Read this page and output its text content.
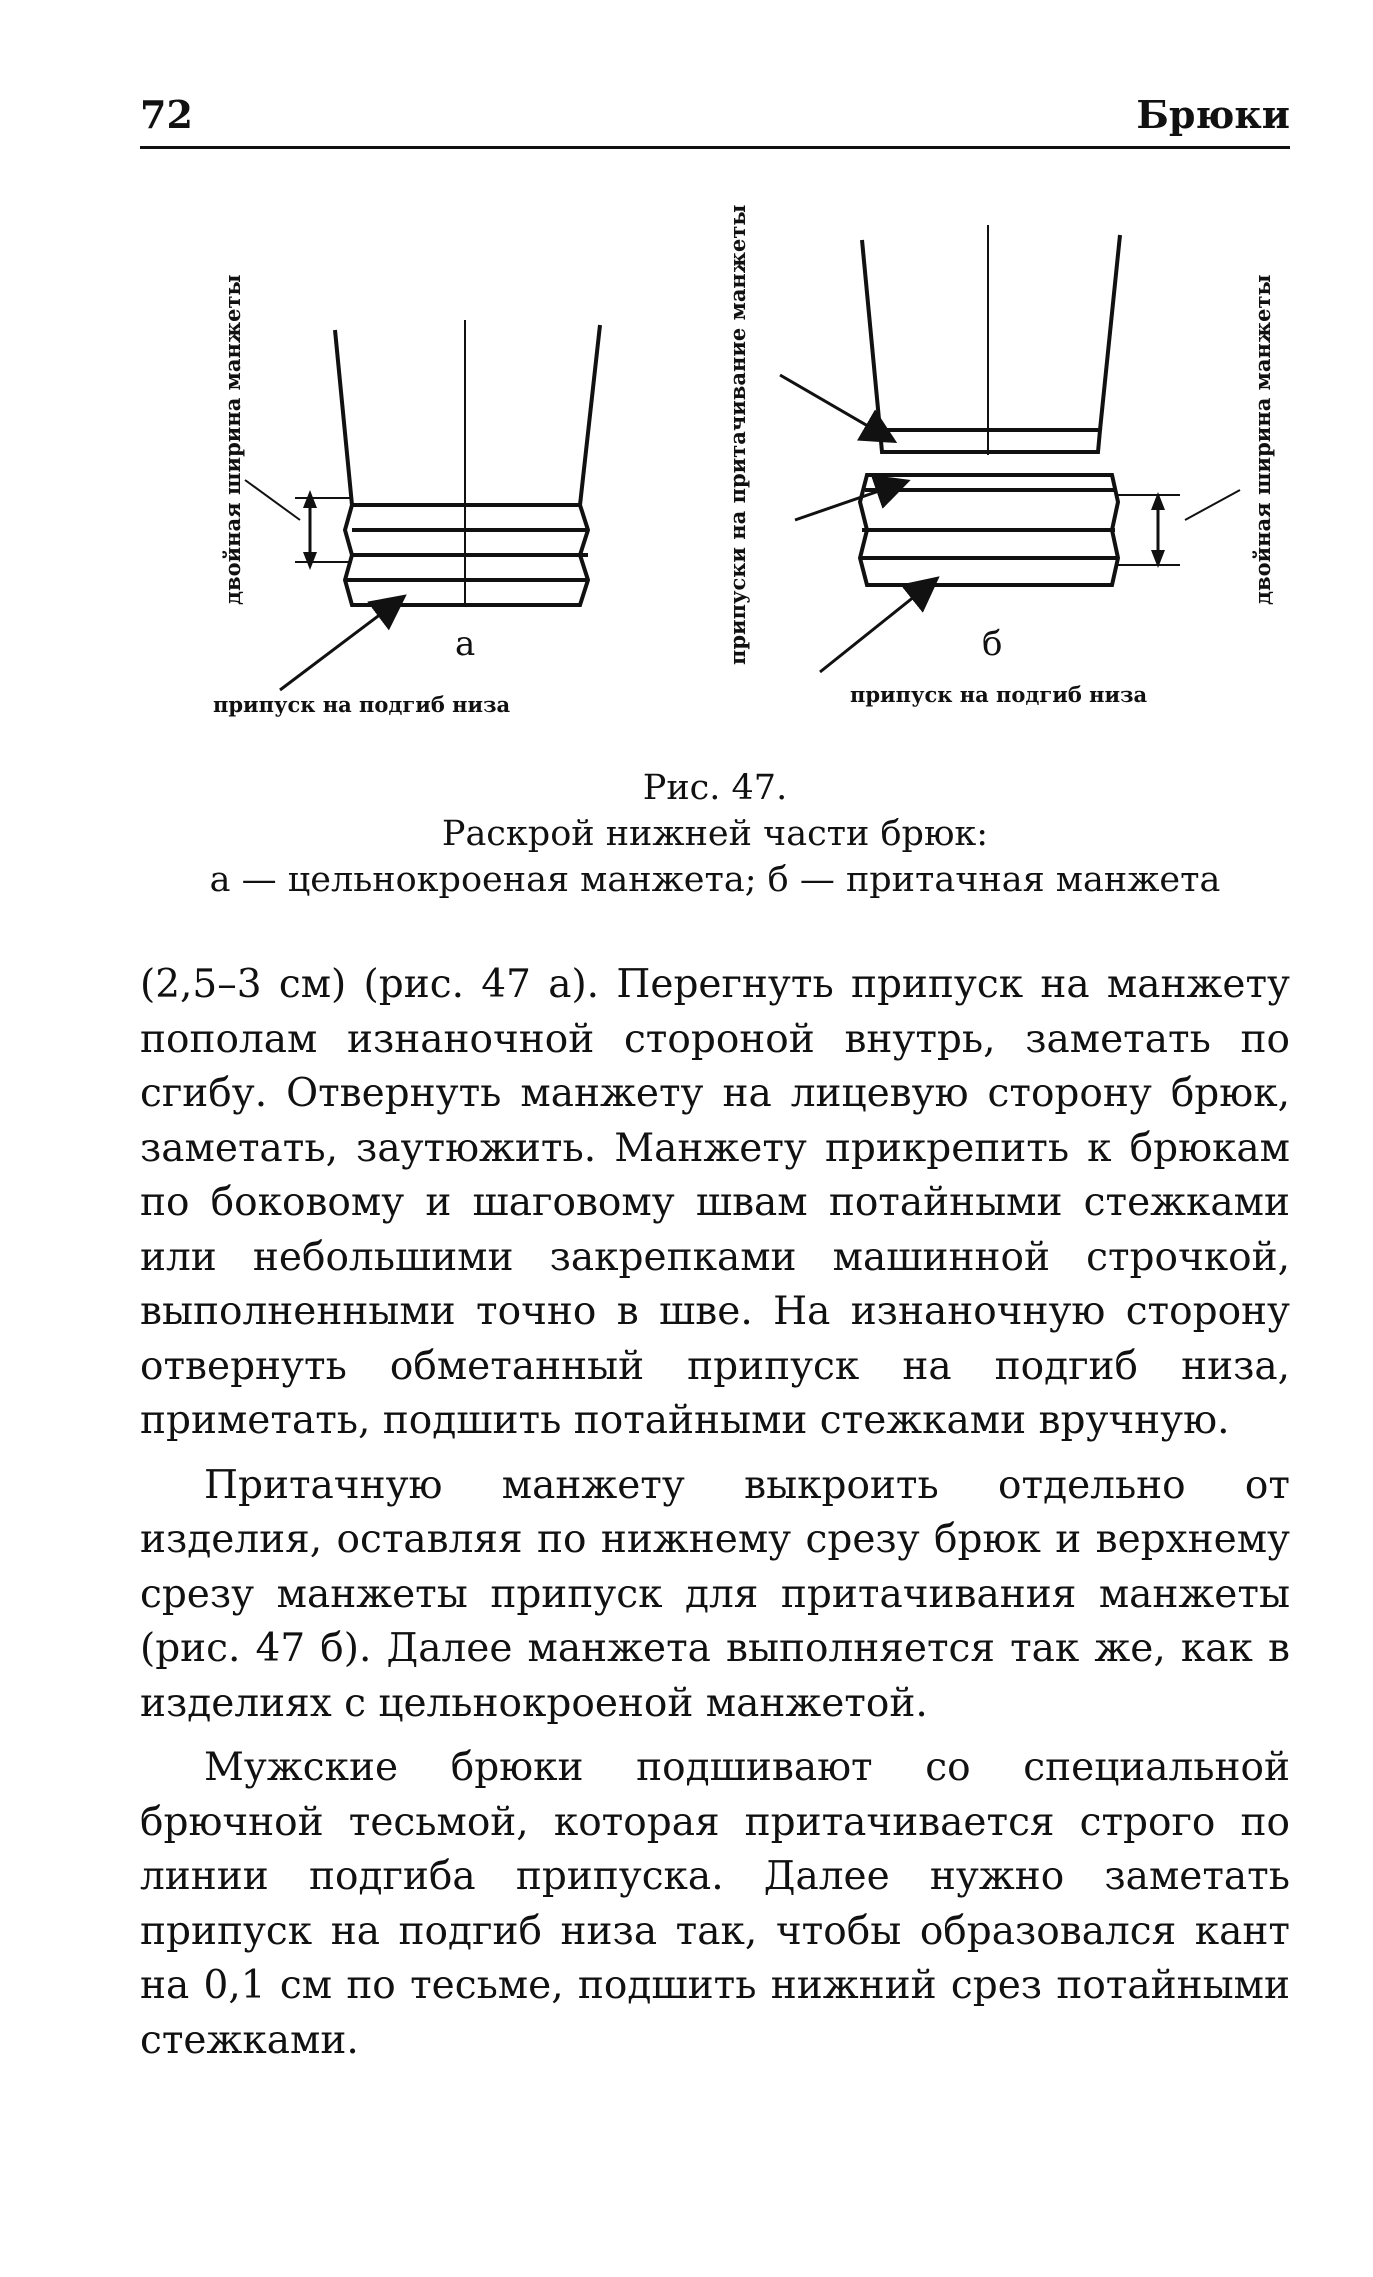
72	Брюки
а	б
двойная ширина манжеты	припуски на притачивание манжеты	двойная ширина манжеты
припуск на подгиб низа	припуск на подгиб низа
Рис. 47.
Раскрой нижней части брюк:
а — цельнокроеная манжета; б — притачная манжета

(2,5–3 см) (рис. 47 а). Перегнуть припуск на манжету пополам изнаночной стороной внутрь, заметать по сгибу. Отвернуть манжету на лицевую сторону брюк, заметать, заутюжить. Манжету прикрепить к брюкам по боковому и шаговому швам потайными стежками или небольшими закрепками машинной строчкой, выполненными точно в шве. На изнаночную сторону отвернуть обметанный припуск на подгиб низа, приметать, подшить потайными стежками вручную.

Притачную манжету выкроить отдельно от изделия, оставляя по нижнему срезу брюк и верхнему срезу манжеты припуск для притачивания манжеты (рис. 47 б). Далее манжета выполняется так же, как в изделиях с цельнокроеной манжетой.

Мужские брюки подшивают со специальной брючной тесьмой, которая притачивается строго по линии подгиба припуска. Далее нужно заметать припуск на подгиб низа так, чтобы образовался кант на 0,1 см по тесьме, подшить нижний срез потайными стежками.
